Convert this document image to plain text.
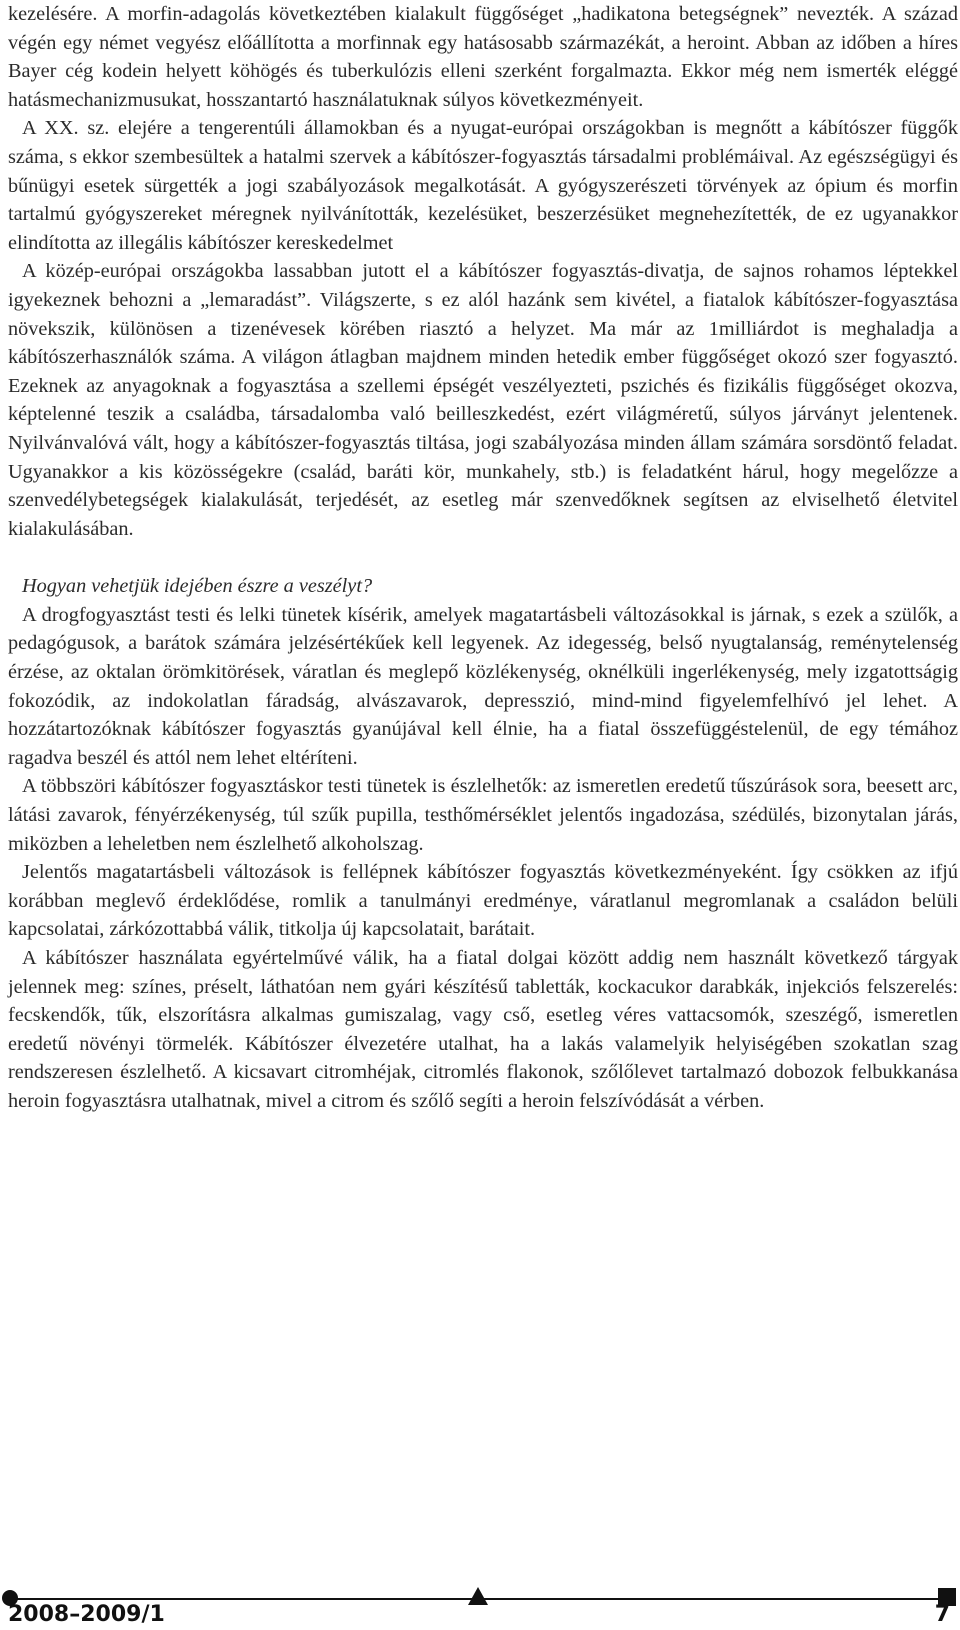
kezelésére. A morfin-adagolás következtében kialakult függőséget „hadikatona betegségnek” nevezték. A század végén egy német vegyész előállította a morfinnak egy hatásosabb származékát, a heroint. Abban az időben a híres Bayer cég kodein helyett köhögés és tuberkulózis elleni szerként forgalmazta. Ekkor még nem ismerték eléggé hatásmechanizmusukat, hosszantartó használatuknak súlyos következményeit.

A XX. sz. elejére a tengerentúli államokban és a nyugat-európai országokban is megnőtt a kábítószer függők száma, s ekkor szembesültek a hatalmi szervek a kábítószer-fogyasztás társadalmi problémáival. Az egészségügyi és bűnügyi esetek sürgették a jogi szabályozások megalkotását. A gyógyszerészeti törvények az ópium és morfin tartalmú gyógyszereket méregnek nyilvánították, kezelésüket, beszerzésüket megnehezítették, de ez ugyanakkor elindította az illegális kábítószer kereskedelmet

A közép-európai országokba lassabban jutott el a kábítószer fogyasztás-divatja, de sajnos rohamos léptekkel igyekeznek behozni a „lemaradást”. Világszerte, s ez alól hazánk sem kivétel, a fiatalok kábítószer-fogyasztása növekszik, különösen a tizenévesek körében riasztó a helyzet. Ma már az 1milliárdot is meghaladja a kábítószerhasználók száma. A világon átlagban majdnem minden hetedik ember függőséget okozó szer fogyasztó. Ezeknek az anyagoknak a fogyasztása a szellemi épségét veszélyezteti, pszichés és fizikális függőséget okozva, képtelenné teszik a családba, társadalomba való beilleszkedést, ezért világméretű, súlyos járványt jelentenek. Nyilvánvalóvá vált, hogy a kábítószer-fogyasztás tiltása, jogi szabályozása minden állam számára sorsdöntő feladat. Ugyanakkor a kis közösségekre (család, baráti kör, munkahely, stb.) is feladatként hárul, hogy megelőzze a szenvedélybetegségek kialakulását, terjedését, az esetleg már szenvedőknek segítsen az elviselhető életvitel kialakulásában.

Hogyan vehetjük idejében észre a veszélyt?

A drogfogyasztást testi és lelki tünetek kísérik, amelyek magatartásbeli változásokkal is járnak, s ezek a szülők, a pedagógusok, a barátok számára jelzésértékűek kell legyenek. Az idegesség, belső nyugtalanság, reménytelenség érzése, az oktalan örömkitörések, váratlan és meglepő közlékenység, oknélküli ingerlékenység, mely izgatottságig fokozódik, az indokolatlan fáradság, alvászavarok, depresszió, mind-mind figyelemfelhívó jel lehet. A hozzátartozóknak kábítószer fogyasztás gyanújával kell élnie, ha a fiatal összefüggéstelenül, de egy témához ragadva beszél és attól nem lehet eltéríteni.

A többszöri kábítószer fogyasztáskor testi tünetek is észlelhetők: az ismeretlen eredetű tűszúrások sora, beesett arc, látási zavarok, fényérzékenység, túl szűk pupilla, testhőmérséklet jelentős ingadozása, szédülés, bizonytalan járás, miközben a leheletben nem észlelhető alkoholszag.

Jelentős magatartásbeli változások is fellépnek kábítószer fogyasztás következményeként. Így csökken az ifjú korábban meglevő érdeklődése, romlik a tanulmányi eredménye, váratlanul megromlanak a családon belüli kapcsolatai, zárkózottabbá válik, titkolja új kapcsolatait, barátait.

A kábítószer használata egyértelművé válik, ha a fiatal dolgai között addig nem használt következő tárgyak jelennek meg: színes, préselt, láthatóan nem gyári készítésű tabletták, kockacukor darabkák, injekciós felszerelés: fecskendők, tűk, elszorításra alkalmas gumiszalag, vagy cső, esetleg véres vattacsomók, szeszégő, ismeretlen eredetű növényi törmelék. Kábítószer élvezetére utalhat, ha a lakás valamelyik helyiségében szokatlan szag rendszeresen észlelhető. A kicsavart citromhéjak, citromlés flakonok, szőlőlevet tartalmazó dobozok felbukkanása heroin fogyasztásra utalhatnak, mivel a citrom és szőlő segíti a heroin felszívódását a vérben.

2008–2009/1	7
